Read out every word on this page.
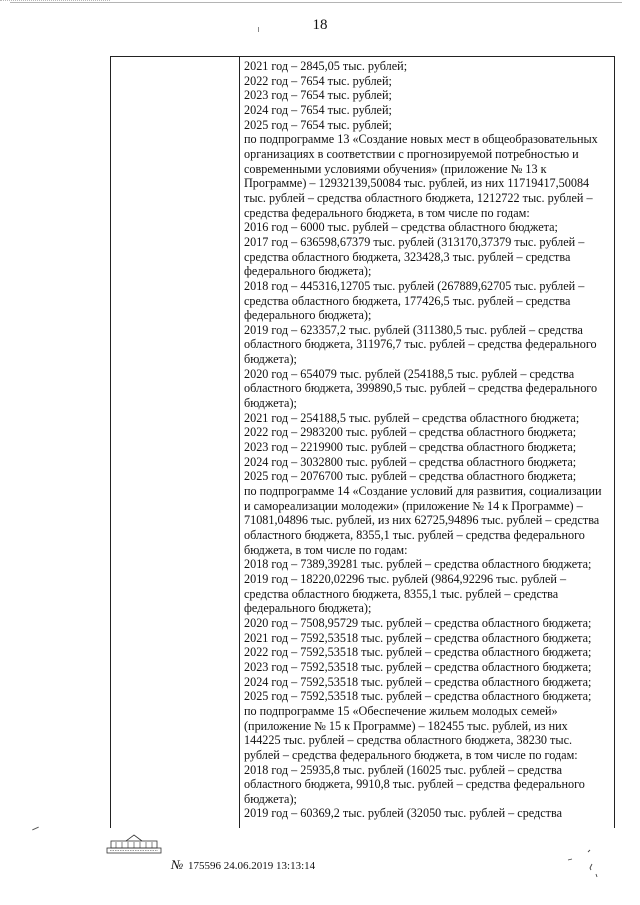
18

2021 год – 2845,05 тыс. рублей;

2022 год – 7654 тыс. рублей;

2023 год – 7654 тыс. рублей;

2024 год – 7654 тыс. рублей;

2025 год – 7654 тыс. рублей;

по подпрограмме 13 «Создание новых мест в общеобразовательных

организациях в соответствии с прогнозируемой потребностью и

современными условиями обучения» (приложение № 13 к

Программе) – 12932139,50084 тыс. рублей, из них 11719417,50084

тыс. рублей – средства областного бюджета, 1212722 тыс. рублей –

средства федерального бюджета, в том числе по годам:

2016 год – 6000 тыс. рублей – средства областного бюджета;

2017 год – 636598,67379 тыс. рублей (313170,37379 тыс. рублей –

средства областного бюджета, 323428,3 тыс. рублей – средства

федерального бюджета);

2018 год – 445316,12705 тыс. рублей (267889,62705 тыс. рублей –

средства областного бюджета, 177426,5 тыс. рублей – средства

федерального бюджета);

2019 год – 623357,2 тыс. рублей (311380,5 тыс. рублей – средства

областного бюджета, 311976,7 тыс. рублей – средства федерального

бюджета);

2020 год – 654079 тыс. рублей (254188,5 тыс. рублей – средства

областного бюджета, 399890,5 тыс. рублей – средства федерального

бюджета);

2021 год – 254188,5 тыс. рублей – средства областного бюджета;

2022 год – 2983200 тыс. рублей – средства областного бюджета;

2023 год – 2219900 тыс. рублей – средства областного бюджета;

2024 год – 3032800 тыс. рублей – средства областного бюджета;

2025 год – 2076700 тыс. рублей – средства областного бюджета;

по подпрограмме 14 «Создание условий для развития, социализации

и самореализации молодежи» (приложение № 14 к Программе) –

71081,04896 тыс. рублей, из них 62725,94896 тыс. рублей – средства

областного бюджета, 8355,1 тыс. рублей – средства федерального

бюджета, в том числе по годам:

2018 год – 7389,39281 тыс. рублей – средства областного бюджета;

2019 год – 18220,02296 тыс. рублей (9864,92296 тыс. рублей –

средства областного бюджета, 8355,1 тыс. рублей – средства

федерального бюджета);

2020 год – 7508,95729 тыс. рублей – средства областного бюджета;

2021 год – 7592,53518 тыс. рублей – средства областного бюджета;

2022 год – 7592,53518 тыс. рублей – средства областного бюджета;

2023 год – 7592,53518 тыс. рублей – средства областного бюджета;

2024 год – 7592,53518 тыс. рублей – средства областного бюджета;

2025 год – 7592,53518 тыс. рублей – средства областного бюджета;

по подпрограмме 15 «Обеспечение жильем молодых семей»

(приложение № 15 к Программе) – 182455 тыс. рублей, из них

144225 тыс. рублей – средства областного бюджета, 38230 тыс.

рублей – средства федерального бюджета, в том числе по годам:

2018 год – 25935,8 тыс. рублей (16025 тыс. рублей – средства

областного бюджета, 9910,8 тыс. рублей – средства федерального

бюджета);

2019 год – 60369,2 тыс. рублей (32050 тыс. рублей – средства

№ 175596 24.06.2019 13:13:14
